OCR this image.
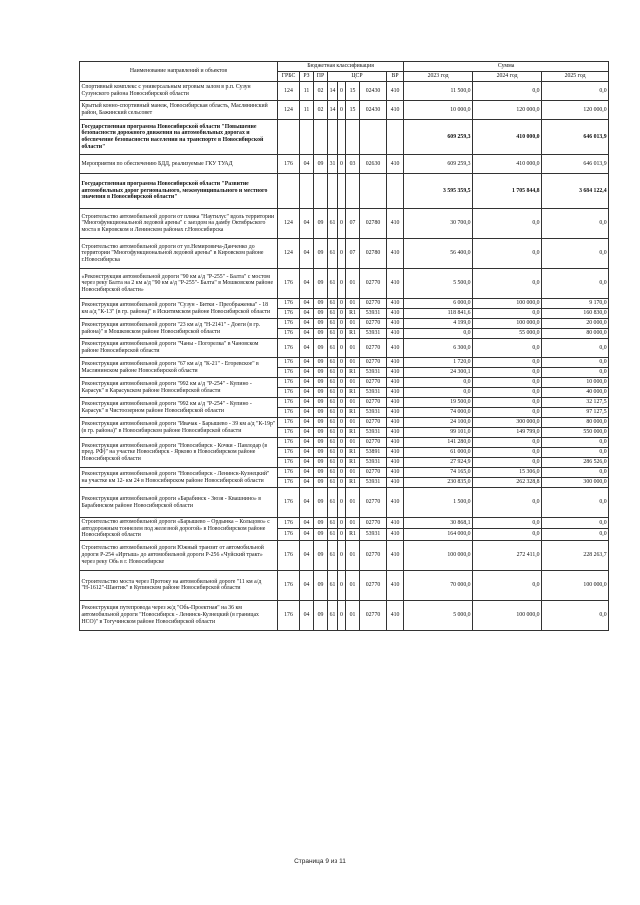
Наименование направлений и объектов	Бюджетная классификация								Сумма		
	ГРБС	РЗ	ПР	ЦСР				ВР	2023 год	2024 год	2025 год
Спортивный комплекс с универсальным игровым залом в р.п. Сузун Сузунского района Новосибирской области	124	11	02	14	0	15	02430	410	11 500,0	0,0	0,0
Крытый конно-спортивный манеж, Новосибирская область, Маслянинский район, Бажинский сельсовет	124	11	02	14	0	15	02430	410	10 000,0	120 000,0	120 000,0
Государственная программа Новосибирской области "Повышение безопасности дорожного движения на автомобильных дорогах и обеспечение безопасности населения на транспорте в Новосибирской области"									609 259,3	410 000,0	646 013,9
Мероприятия по обеспечению БДД, реализуемые ГКУ ТУАД	176	04	09	31	0	03	02630	410	609 259,3	410 000,0	646 013,9
Государственная программа Новосибирской области "Развитие автомобильных дорог регионального, межмуниципального и местного значения в Новосибирской области"									3 595 359,5	1 705 844,8	3 684 122,4
Строительство автомобильной дороги от пляжа "Наутилус" вдоль территории "Многофункциональной ледовой арены" с заездом на дамбу Октябрьского моста в Кировском и Ленинском районах г.Новосибирска	124	04	09	61	0	07	02780	410	30 700,0	0,0	0,0
Строительство автомобильной дороги от ул.Немировича-Данченко до территории "Многофункциональной ледовой арены" в Кировском районе г.Новосибирска	124	04	09	61	0	07	02780	410	56 400,0	0,0	0,0
«Реконструкция автомобильной дороги "90 км а/д "Р-255" - Балта" с мостом через реку Балта на 2 км а/д "90 км а/д "Р-255"- Балта" в Мошковском районе Новосибирской области»	176	04	09	61	0	01	02770	410	5 500,0	0,0	0,0
Реконструкция автомобильной дороги "Сузун - Битки - Преображенка" - 18 км а/д "К-13" (в гр. района)" в Искитимском районе Новосибирской области	176	04	09	61	0	01	02770	410	6 000,0	100 000,0	9 170,0
	176	04	09	61	0	R1	53931	410	118 841,6	0,0	160 830,0
Реконструкция автомобильной дороги "23 км а/д "Н-2141" - Доеги (в гр. района)" в Мошковском районе Новосибирской области	176	04	09	61	0	01	02770	410	4 199,0	100 000,0	20 000,0
	176	04	09	61	0	R1	53931	410	0,0	55 000,0	80 000,0
Реконструкция автомобильной дороги "Чаны - Погорелка" в Чановском районе Новосибирской области	176	04	09	61	0	01	02770	410	6 300,0	0,0	0,0
Реконструкция автомобильной дороги "67 км а/д "К-21" - Егоревское" в Маслянинском районе Новосибирской области	176	04	09	61	0	01	02770	410	1 720,0	0,0	0,0
	176	04	09	61	0	R1	53931	410	24 300,1	0,0	0,0
Реконструкция автомобильной дороги "992 км а/д "Р-254" - Купино - Карасук" в Карасукском районе Новосибирской области	176	04	09	61	0	01	02770	410	0,0	0,0	10 000,0
	176	04	09	61	0	R1	53931	410	0,0	0,0	40 000,0
Реконструкция автомобильной дороги "992 км а/д "Р-254" - Купино - Карасук" в Чистоозерном районе Новосибирской области	176	04	09	61	0	01	02770	410	19 500,0	0,0	32 127,5
	176	04	09	61	0	R1	53931	410	74 000,0	0,0	97 127,5
Реконструкция автомобильной дороги "Ивачак - Барышево - 39 км а/д "К-19р" (в гр. района)" в Новосибирском районе Новосибирской области	176	04	09	61	0	01	02770	410	24 100,0	300 000,0	80 000,0
	176	04	09	61	0	R1	53931	410	99 101,0	149 799,0	550 000,0
Реконструкция автомобильной дороги "Новосибирск - Кочки - Павлодар (в пред. РФ)" на участке Новосибирск - Ярково в Новосибирском районе Новосибирской области	176	04	09	61	0	01	02770	410	141 280,0	0,0	0,0
	176	04	09	61	0	R1	53891	410	61 000,0	0,0	0,0
	176	04	09	61	0	R1	53931	410	27 924,9	0,0	286 526,0
Реконструкция автомобильной дороги "Новосибирск - Ленинск-Кузнецкий" на участке км 12- км 24 в Новосибирском районе Новосибирской области	176	04	09	61	0	01	02770	410	74 165,0	15 306,0	0,0
	176	04	09	61	0	R1	53931	410	230 835,0	262 328,8	300 000,0
Реконструкция автомобильной дороги «Барабинск - Зюзя - Квашнино» в Барабинском районе Новосибирской области	176	04	09	61	0	01	02770	410	1 500,0	0,0	0,0
Строительство автомобильной дороги «Барышево – Ордынка – Кольцово» с автодорожным тоннелем под железной дорогой» в Новосибирском районе Новосибирской области	176	04	09	61	0	01	02770	410	30 868,1	0,0	0,0
	176	04	09	61	0	R1	53931	410	164 000,0	0,0	0,0
Строительство автомобильной дороги Южный транзит от автомобильной дороги Р-254 «Иртыш» до автомобильной дороги Р-256 «Чуйский тракт» через реку Обь в г. Новосибирске	176	04	09	61	0	01	02770	410	100 000,0	272 411,0	228 263,7
Строительство моста через Протоку на автомобильной дороге "11 км а/д "Н-1612"-Шантик" в Купинском районе Новосибирской области	176	04	09	61	0	01	02770	410	70 000,0	0,0	100 000,0
Реконструкция путепровода через ж/д "Обь-Проектная" на 36 км автомобильной дороги "Новосибирск - Ленинск-Кузнецкий (в границах НСО)" в Тогучинском районе Новосибирской области	176	04	09	61	0	01	02770	410	5 000,0	100 000,0	0,0
Страница 9 из 11
